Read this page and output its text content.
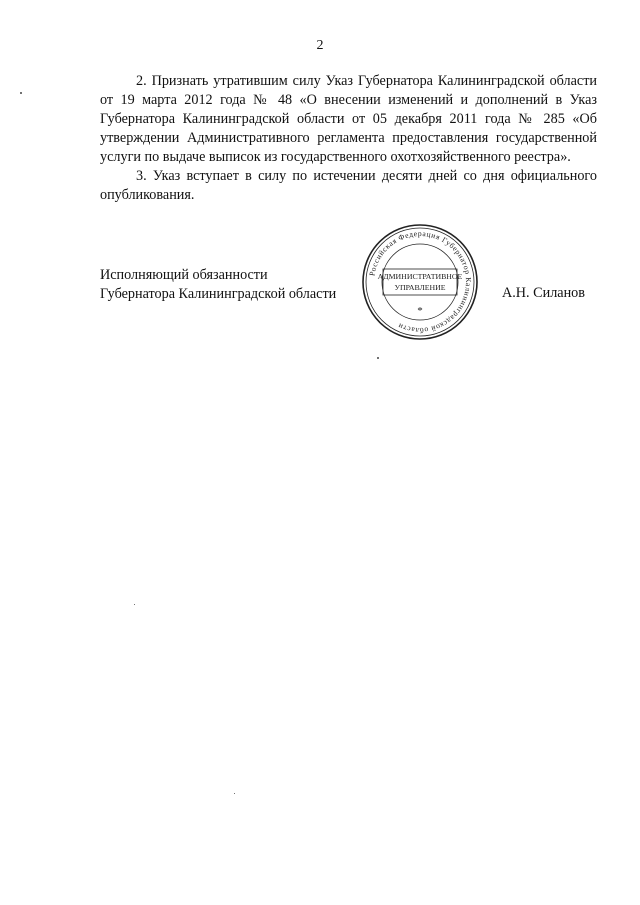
2

2. Признать утратившим силу Указ Губернатора Калининградской области от 19 марта 2012 года № 48 «О внесении изменений и дополнений в Указ Губернатора Калининградской области от 05 декабря 2011 года № 285 «Об утверждении Административного регламента предоставления государственной услуги по выдаче выписок из государственного охотхозяйственного реестра».

3. Указ вступает в силу по истечении десяти дней со дня официального опубликования.

Исполняющий обязанности
Губернатора Калининградской области	А.Н. Силанов
Российская Федерация Губернатор Калининградской области
АДМИНИСТРАТИВНОЕ
УПРАВЛЕНИЕ
*
